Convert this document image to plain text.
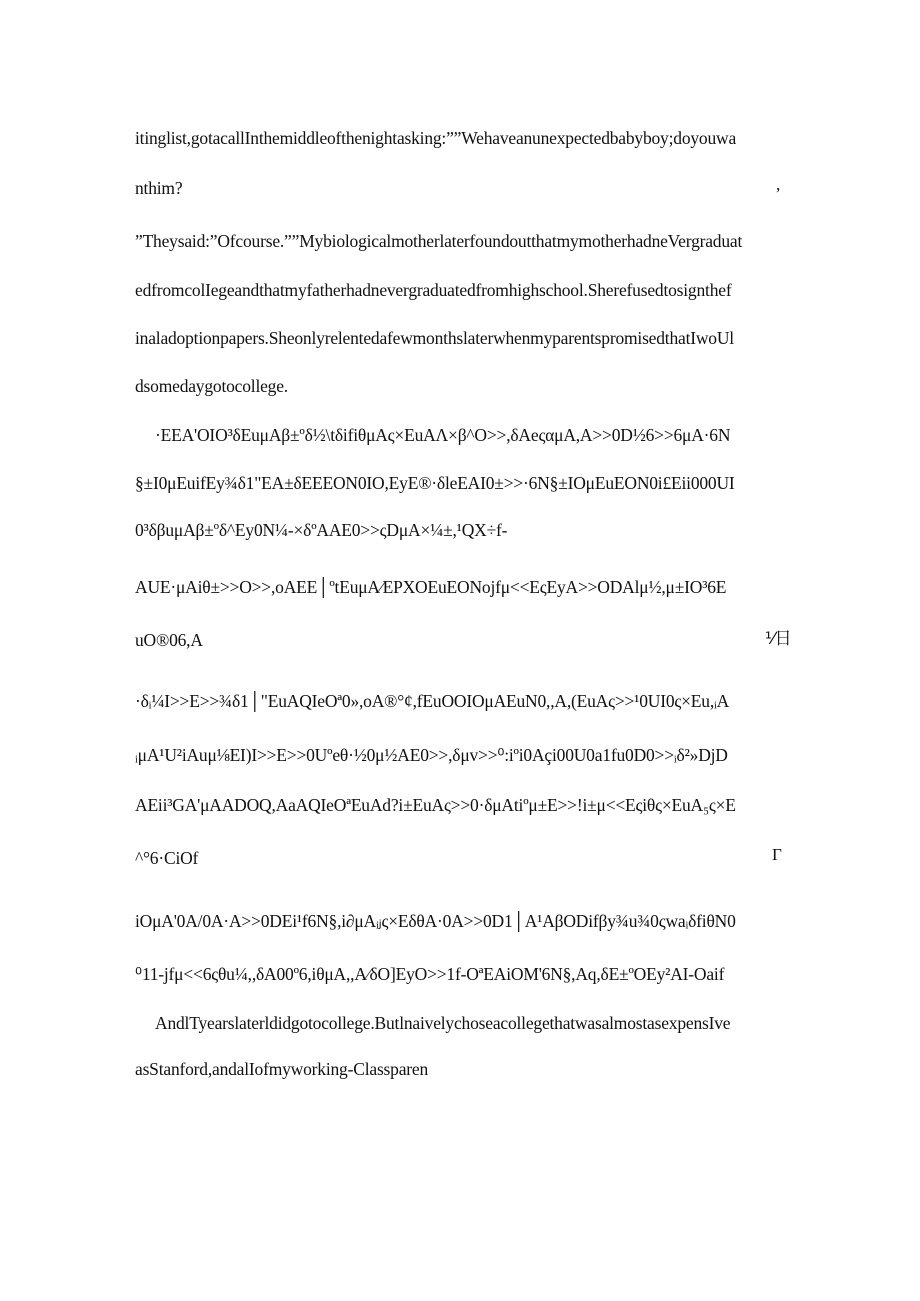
itinglist,gotacallInthemiddleofthenightasking:””Wehaveanunexpectedbabyboy;doyouwa
nthim?	,
”Theysaid:”Ofcourse.””MybiologicalmotherlaterfoundoutthatmymotherhadneVergraduat
edfromcolIegeandthatmyfatherhadnevergraduatedfromhighschool.Sherefusedtosignthef
inaladoptionpapers.SheonlyrelentedafewmonthslaterwhenmyparentspromisedthatIwoUl
dsomedaygotocollege.
·EEA'OIO³δEuμAβ±ºδ½\tδifiθμAς×EuAΛ×β^O>>,δAeςαμA,A>>0D½6>>6μA·6N
§±I0μEuifEy¾δ1"EA±δEEEON0IO,EyE®·δleEAI0±>>·6N§±IOμEuEON0i£Eii000UI
0³δβuμAβ±ºδ^Ey0N¼-×δºAAE0>>ςDμA×¼±,¹QX÷f-
AUE·μAiθ±>>O>>,oAEE│ºtEuμA∕EPXOEuEONojfμ<<EςEyA>>ODAlμ½,μ±IO³6E
uO®06,A	⅟日
·δᵢ¼I>>E>>¾δ1│"EuAQIeOª0»,oA®°¢,fEuOOIOμAEuN0,,A,(EuAς>>¹0UI0ς×Eu,ᵢA
ᵢμA¹U²iAuμ⅛EI)I>>E>>0Uºeθ·½0μ½AE0>>,δμv>>⁰:iºi0Açi00U0a1fu0D0>>ᵢδ²»DjD
AEii³GA'μAADOQ,AaAQIeOªEuAd?i±EuAς>>0·δμAtiºμ±E>>!i±μ<<Eςiθς×EuA₅ς×E
^°6·CiOf	Г
iOμA'0A/0A·A>>0DEi¹f6N§,i∂μAᵢⱼς×EδθA·0A>>0D1│A¹AβODifβy¾u¾0ςwaᵢδfiθN0
⁰11-jfμ<<6ςθu¼,,δA00º6,iθμA,,A∕δO]EyO>>1f-OªEAiOM'6N§,Aq,δE±ºOEy²AI-Oaif
AndlTyearslaterldidgotocollege.ButlnaivelychoseacollegethatwasalmostasexpensIve
asStanford,andalIofmyworking-Classparen
